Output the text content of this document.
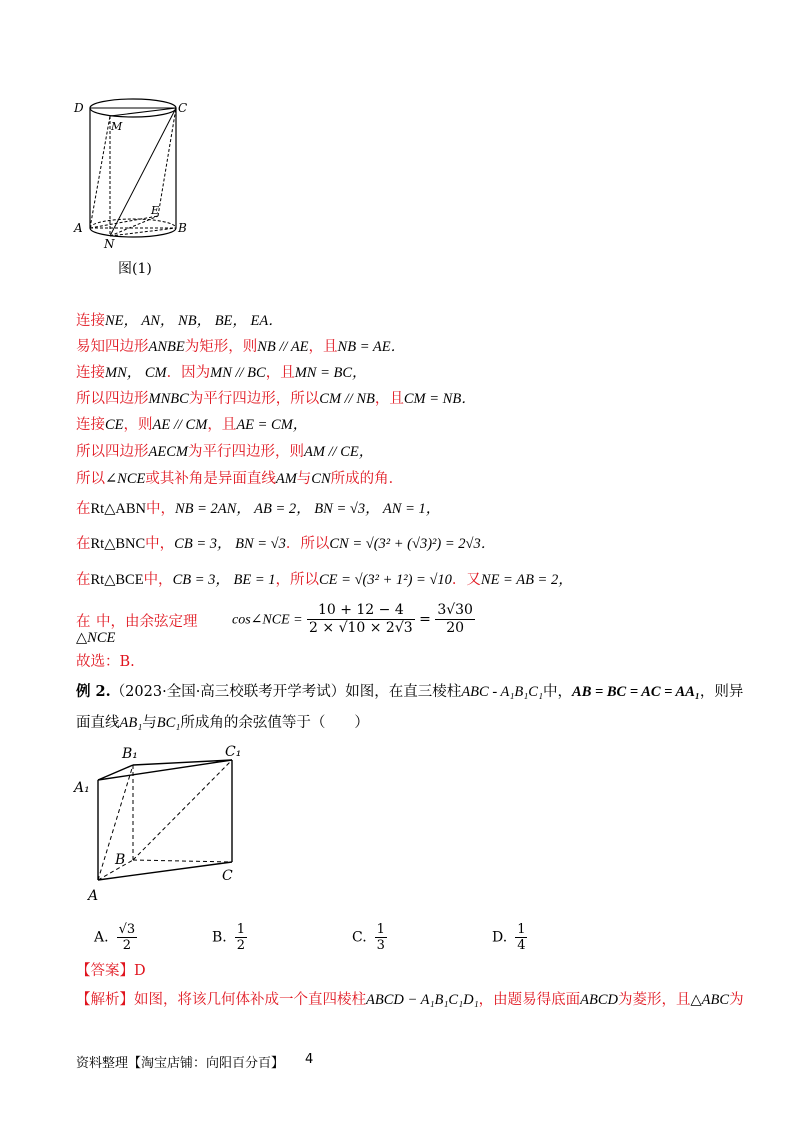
D	C
M
A	B
E
N
图(1)
连接NE， AN， NB， BE， EA．
易知四边形ANBE为矩形，则NB // AE，且NB = AE．
连接MN， CM．因为MN // BC，且MN = BC，
所以四边形MNBC为平行四边形，所以CM // NB，且CM = NB．
连接CE，则AE // CM，且AE = CM，
所以四边形AECM为平行四边形，则AM // CE，
所以∠NCE或其补角是异面直线AM与CN所成的角．
在Rt△ABN中，NB = 2AN， AB = 2， BN = √3， AN = 1，
在Rt△BNC中，CB = 3， BN = √3．所以CN = √(3² + (√3)²) = 2√3．
在Rt△BCE中，CB = 3， BE = 1，所以CE = √(3² + 1²) = √10．又NE = AB = 2，
在
△NCE
中，由余弦定理 cos∠NCE = $\frac{10 + 12 - 4}{2 \times √10 \times 2√3} = \frac{3√30}{20}$
故选：B.
例 2.（2023·全国·高三校联考开学考试）如图，在直三棱柱ABC - A₁B₁C₁中，AB = BC = AC = AA₁，则异
面直线AB₁与BC₁所成角的余弦值等于（　　）
B₁	C₁
A₁
B
A
C
A. $\frac{√3}{2}$	B. $\frac{1}{2}$	C. $\frac{1}{3}$	D. $\frac{1}{4}$
【答案】D
【解析】如图，将该几何体补成一个直四棱柱ABCD − A₁B₁C₁D₁，由题易得底面ABCD为菱形，且△ABC为
资料整理【淘宝店铺：向阳百分百】 4
